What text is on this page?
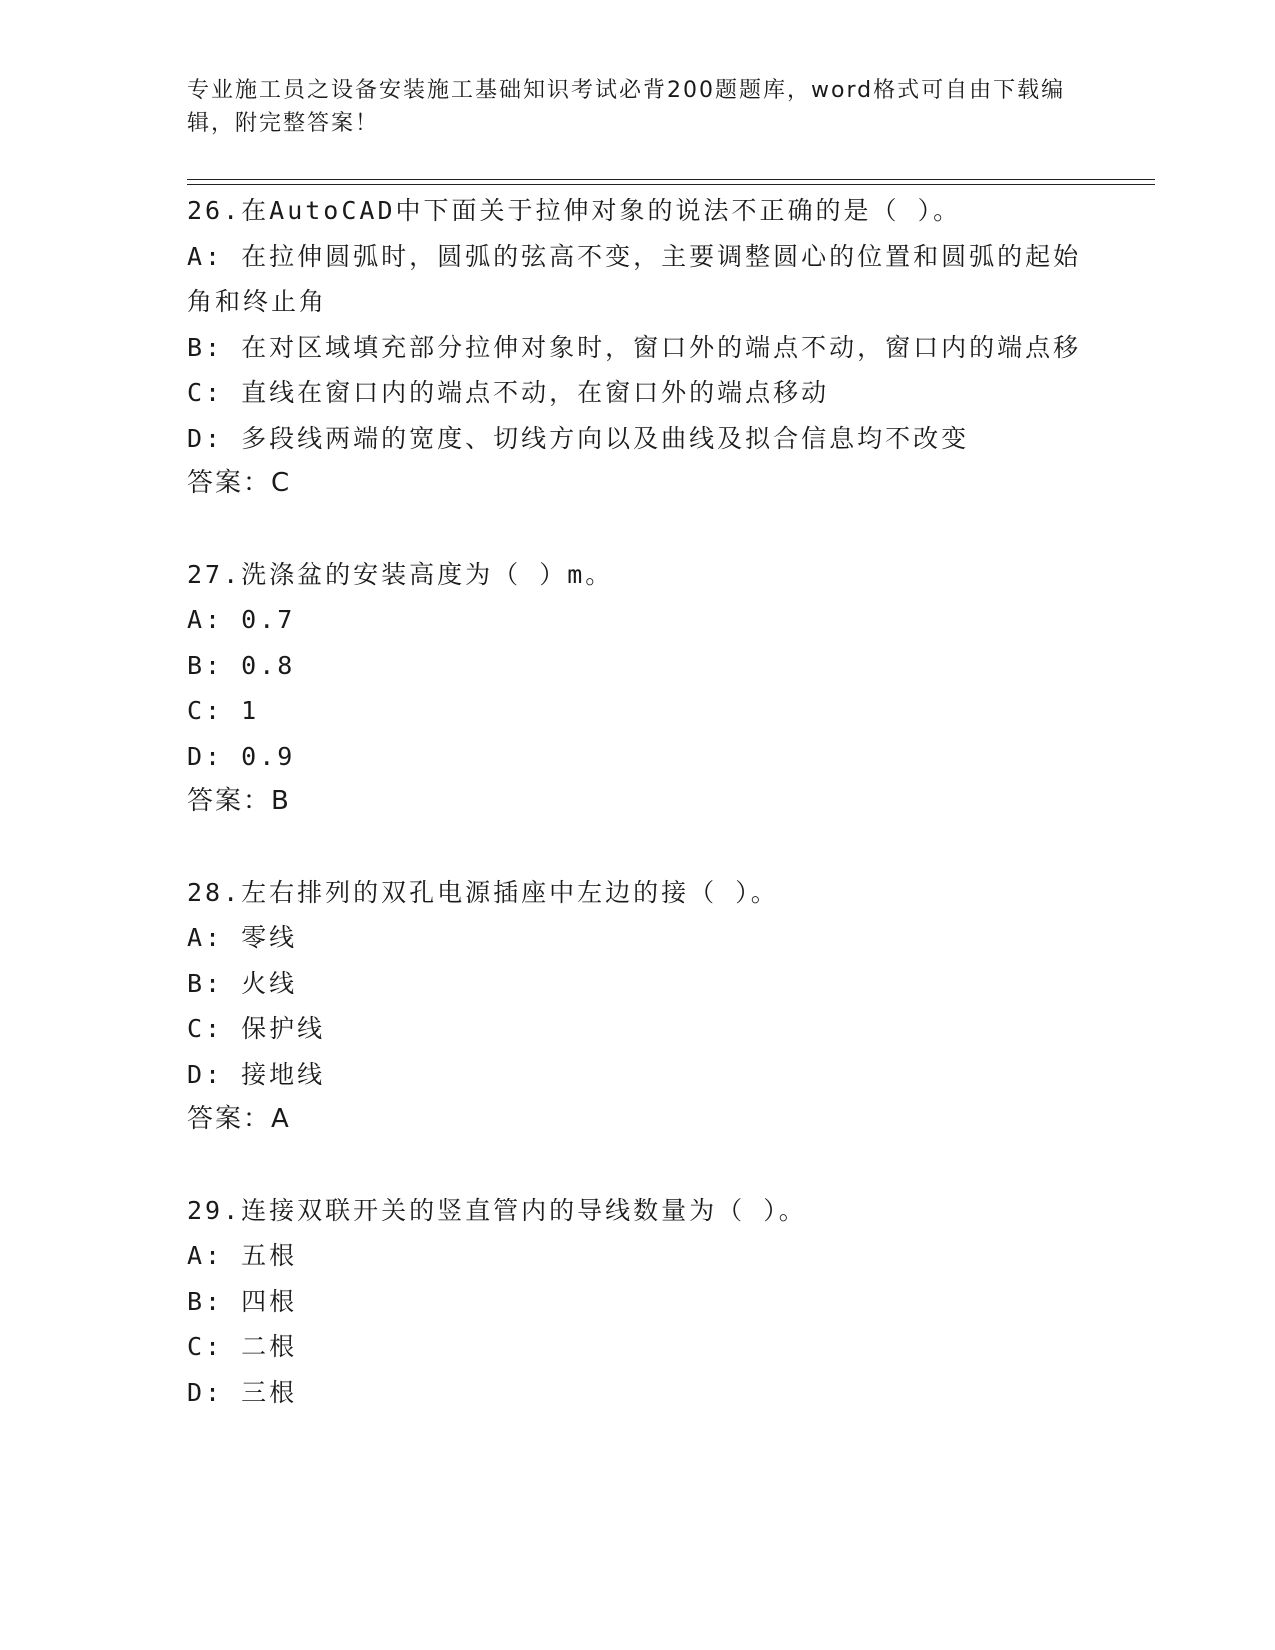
专业施工员之设备安装施工基础知识考试必背200题题库，word格式可自由下载编辑，附完整答案！
26.在AutoCAD中下面关于拉伸对象的说法不正确的是（ ）。
A: 在拉伸圆弧时，圆弧的弦高不变，主要调整圆心的位置和圆弧的起始角和终止角
B: 在对区域填充部分拉伸对象时，窗口外的端点不动，窗口内的端点移
C: 直线在窗口内的端点不动，在窗口外的端点移动
D: 多段线两端的宽度、切线方向以及曲线及拟合信息均不改变
答案：C
27.洗涤盆的安装高度为（ ）m。
A: 0.7
B: 0.8
C: 1
D: 0.9
答案：B
28.左右排列的双孔电源插座中左边的接（ ）。
A: 零线
B: 火线
C: 保护线
D: 接地线
答案：A
29.连接双联开关的竖直管内的导线数量为（ ）。
A: 五根
B: 四根
C: 二根
D: 三根
